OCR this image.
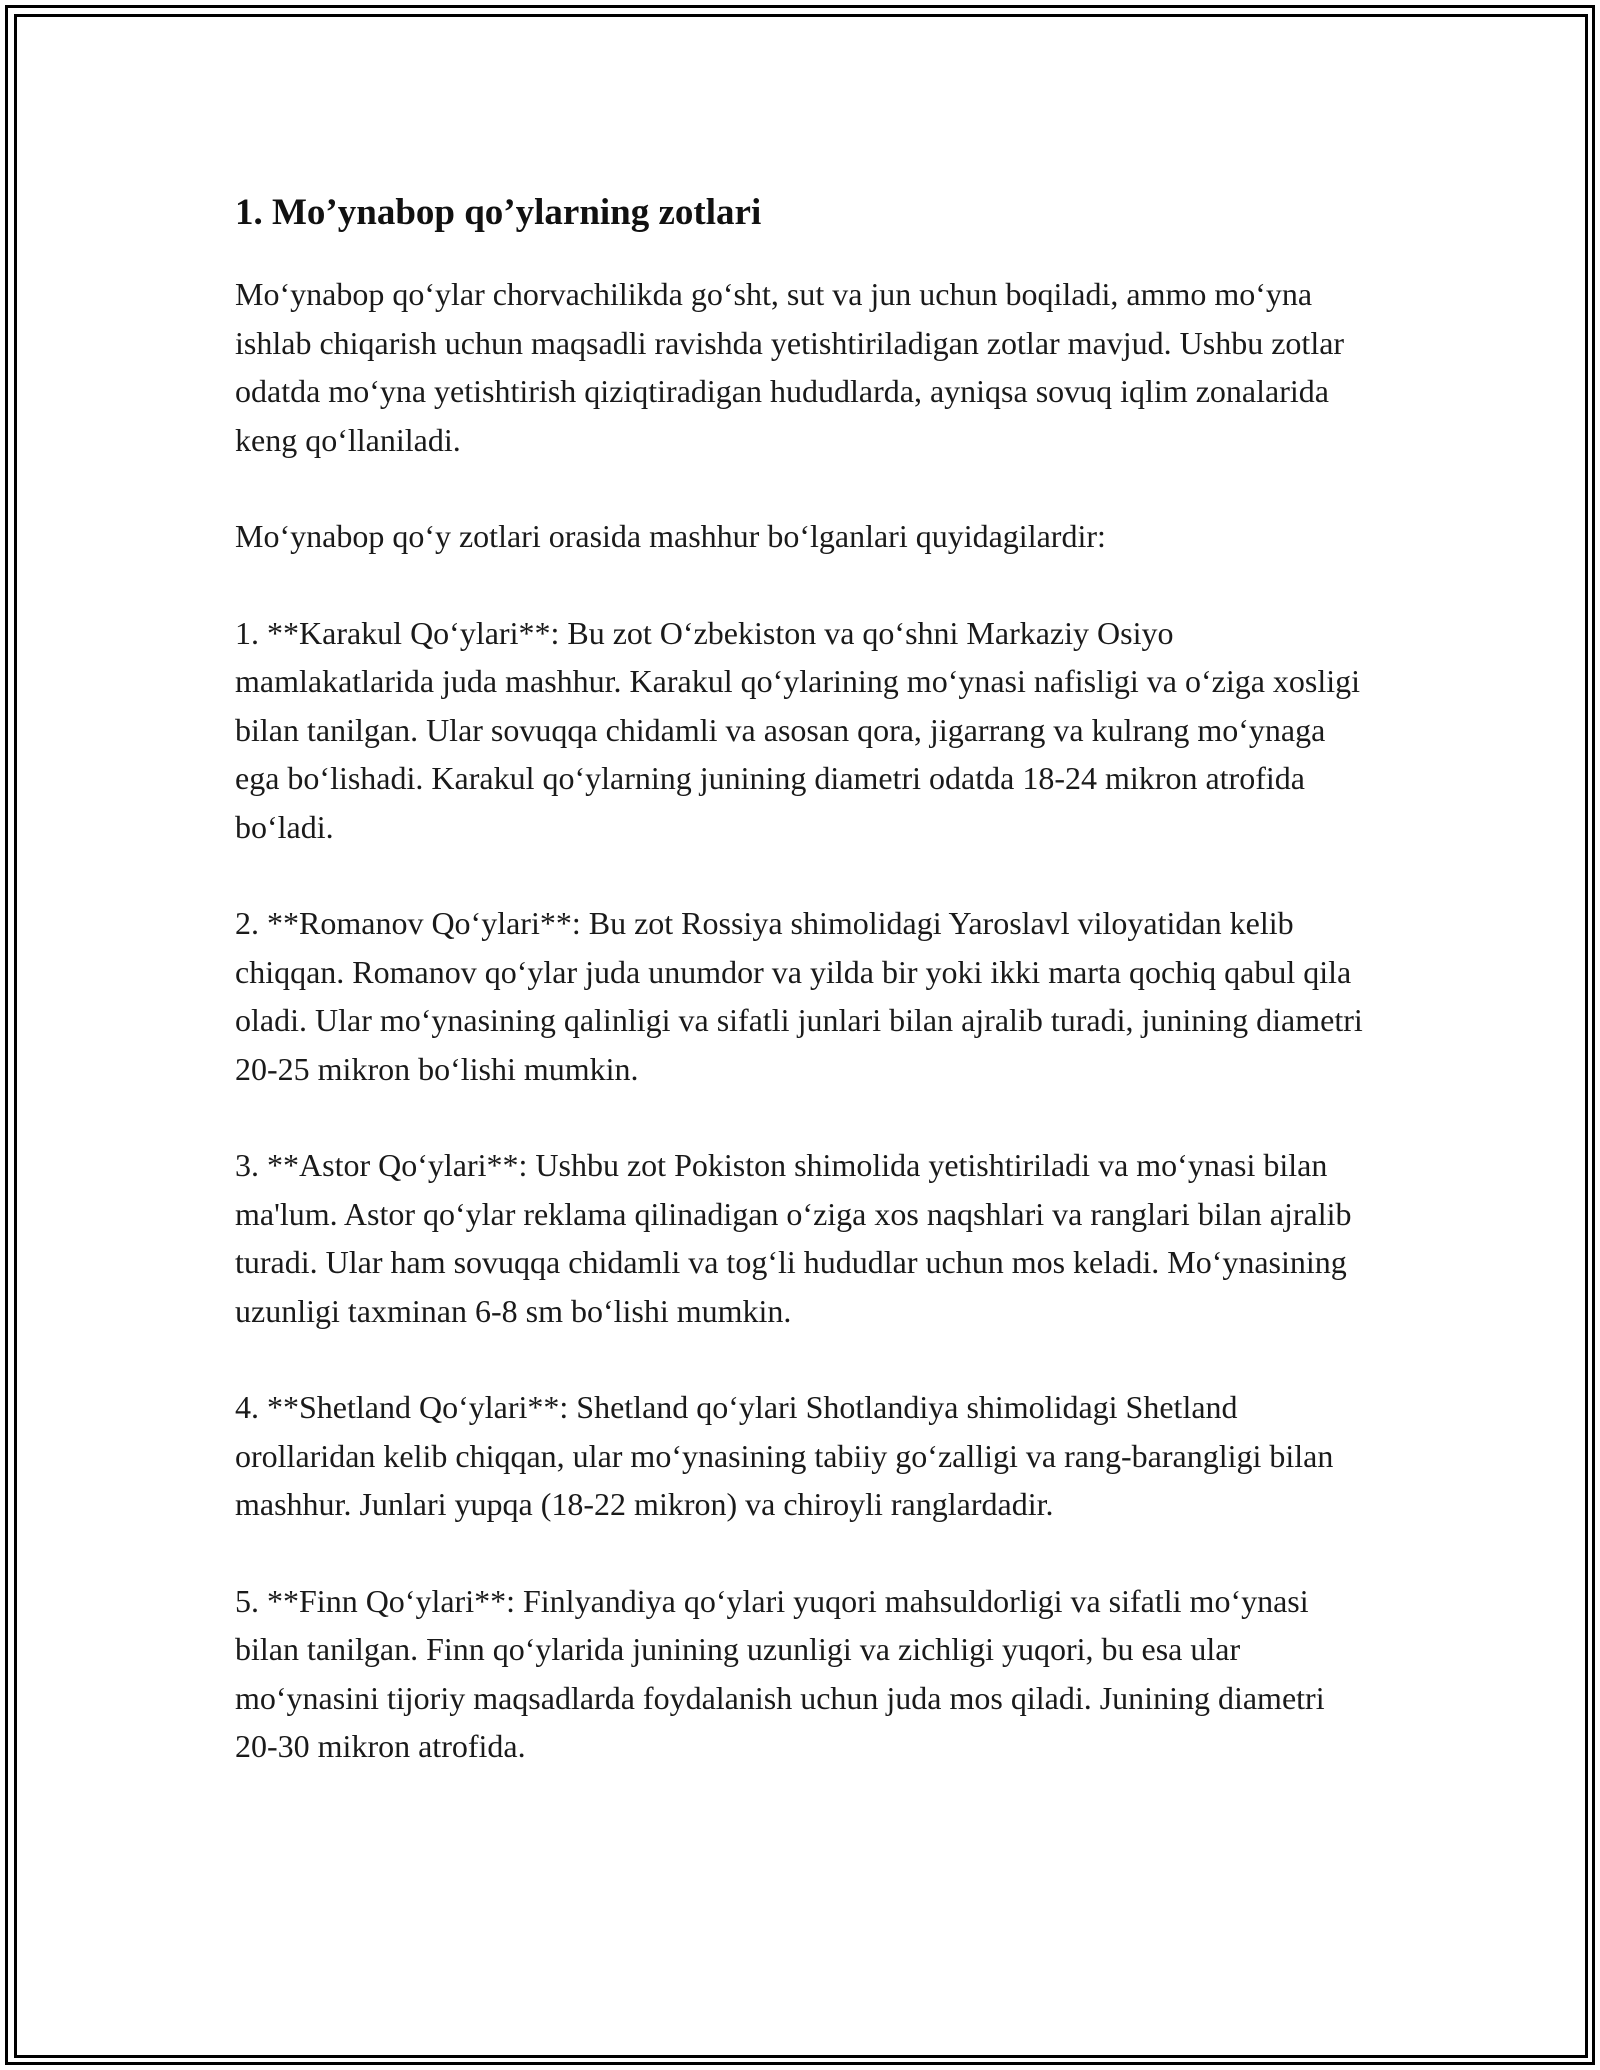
1. Mo’ynabop qo’ylarning zotlari

Mo‘ynabop qo‘ylar chorvachilikda go‘sht, sut va jun uchun boqiladi, ammo mo‘yna ishlab chiqarish uchun maqsadli ravishda yetishtiriladigan zotlar mavjud. Ushbu zotlar odatda mo‘yna yetishtirish qiziqtiradigan hududlarda, ayniqsa sovuq iqlim zonalarida keng qo‘llaniladi.

Mo‘ynabop qo‘y zotlari orasida mashhur bo‘lganlari quyidagilardir:

1. **Karakul Qo‘ylari**: Bu zot O‘zbekiston va qo‘shni Markaziy Osiyo mamlakatlarida juda mashhur. Karakul qo‘ylarining mo‘ynasi nafisligi va o‘ziga xosligi bilan tanilgan. Ular sovuqqa chidamli va asosan qora, jigarrang va kulrang mo‘ynaga ega bo‘lishadi. Karakul qo‘ylarning junining diametri odatda 18-24 mikron atrofida bo‘ladi.

2. **Romanov Qo‘ylari**: Bu zot Rossiya shimolidagi Yaroslavl viloyatidan kelib chiqqan. Romanov qo‘ylar juda unumdor va yilda bir yoki ikki marta qochiq qabul qila oladi. Ular mo‘ynasining qalinligi va sifatli junlari bilan ajralib turadi, junining diametri 20-25 mikron bo‘lishi mumkin.

3. **Astor Qo‘ylari**: Ushbu zot Pokiston shimolida yetishtiriladi va mo‘ynasi bilan ma'lum. Astor qo‘ylar reklama qilinadigan o‘ziga xos naqshlari va ranglari bilan ajralib turadi. Ular ham sovuqqa chidamli va tog‘li hududlar uchun mos keladi. Mo‘ynasining uzunligi taxminan 6-8 sm bo‘lishi mumkin.

4. **Shetland Qo‘ylari**: Shetland qo‘ylari Shotlandiya shimolidagi Shetland orollaridan kelib chiqqan, ular mo‘ynasining tabiiy go‘zalligi va rang-barangligi bilan mashhur. Junlari yupqa (18-22 mikron) va chiroyli ranglardadir.

5. **Finn Qo‘ylari**: Finlyandiya qo‘ylari yuqori mahsuldorligi va sifatli mo‘ynasi bilan tanilgan. Finn qo‘ylarida junining uzunligi va zichligi yuqori, bu esa ular mo‘ynasini tijoriy maqsadlarda foydalanish uchun juda mos qiladi. Junining diametri 20-30 mikron atrofida.
